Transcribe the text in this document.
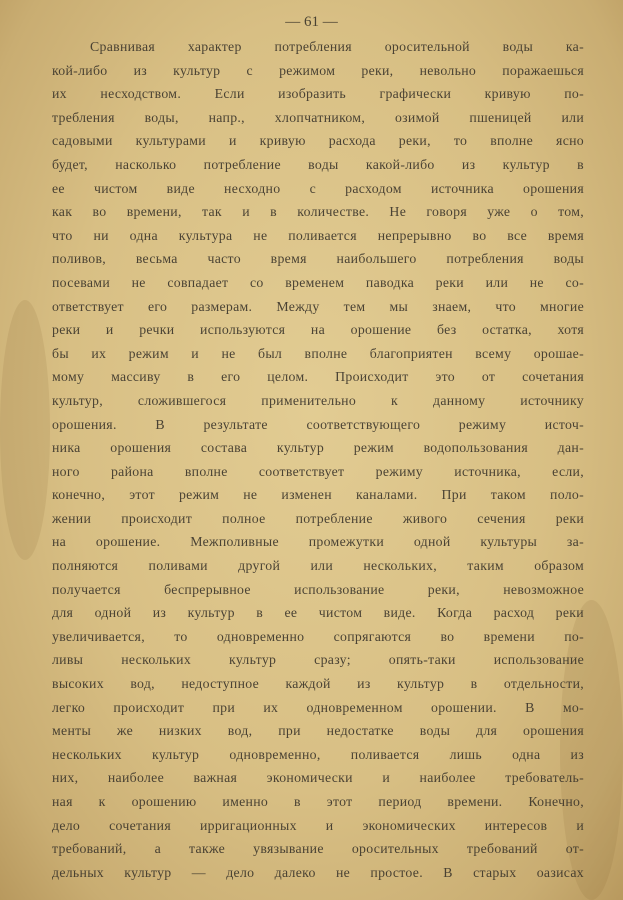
— 61 —
Сравнивая характер потребления оросительной воды ка-
кой-либо из культур с режимом реки, невольно поражаешься
их несходством. Если изобразить графически кривую по-
требления воды, напр., хлопчатником, озимой пшеницей или
садовыми культурами и кривую расхода реки, то вполне ясно
будет, насколько потребление воды какой-либо из культур в
ее чистом виде несходно с расходом источника орошения
как во времени, так и в количестве. Не говоря уже о том,
что ни одна культура не поливается непрерывно во все время
поливов, весьма часто время наибольшего потребления воды
посевами не совпадает со временем паводка реки или не со-
ответствует его размерам. Между тем мы знаем, что многие
реки и речки используются на орошение без остатка, хотя
бы их режим и не был вполне благоприятен всему орошае-
мому массиву в его целом. Происходит это от сочетания
культур, сложившегося применительно к данному источнику
орошения. В результате соответствующего режиму источ-
ника орошения состава культур режим водопользования дан-
ного района вполне соответствует режиму источника, если,
конечно, этот режим не изменен каналами. При таком поло-
жении происходит полное потребление живого сечения реки
на орошение. Межполивные промежутки одной культуры за-
полняются поливами другой или нескольких, таким образом
получается беспрерывное использование реки, невозможное
для одной из культур в ее чистом виде. Когда расход реки
увеличивается, то одновременно сопрягаются во времени по-
ливы нескольких культур сразу; опять-таки использование
высоких вод, недоступное каждой из культур в отдельности,
легко происходит при их одновременном орошении. В мо-
менты же низких вод, при недостатке воды для орошения
нескольких культур одновременно, поливается лишь одна из
них, наиболее важная экономически и наиболее требователь-
ная к орошению именно в этот период времени. Конечно,
дело сочетания ирригационных и экономических интересов и
требований, а также увязывание оросительных требований от-
дельных культур — дело далеко не простое. В старых оазисах
